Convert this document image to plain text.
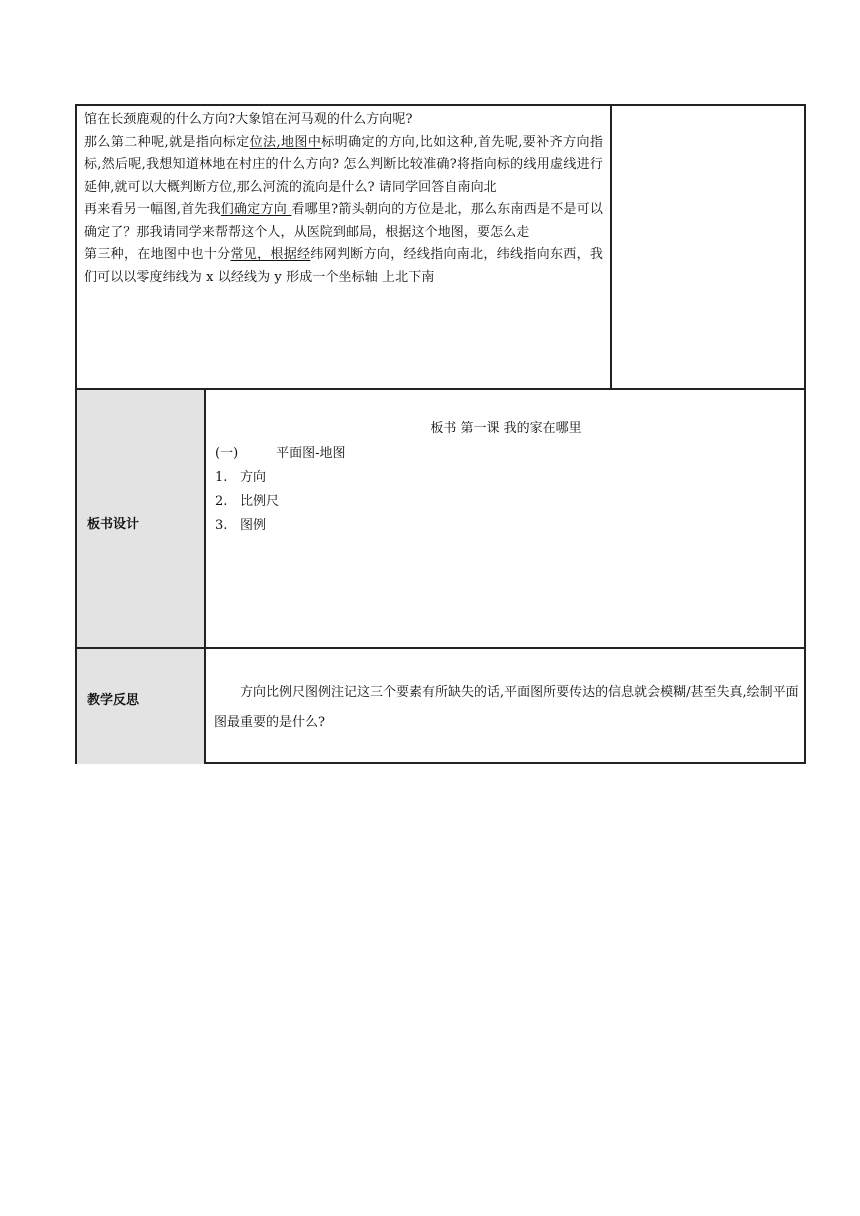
馆在长颈鹿观的什么方向?大象馆在河马观的什么方向呢?

那么第二种呢,就是指向标定位法,地图中标明确定的方向,比如这种,首先呢,要补齐方向指标,然后呢,我想知道林地在村庄的什么方向? 怎么判断比较准确?将指向标的线用虚线进行延伸,就可以大概判断方位,那么河流的流向是什么? 请同学回答自南向北

再来看另一幅图,首先我们确定方向 看哪里?箭头朝向的方位是北，那么东南西是不是可以确定了？那我请同学来帮帮这个人，从医院到邮局，根据这个地图，要怎么走

第三种，在地图中也十分常见，根据经纬网判断方向，经线指向南北，纬线指向东西，我们可以以零度纬线为 x 以经线为 y 形成一个坐标轴 上北下南

板书设计
板书 第一课 我的家在哪里
(一)	平面图-地图
1. 方向
2. 比例尺
3. 图例
教学反思

方向比例尺图例注记这三个要素有所缺失的话,平面图所要传达的信息就会模糊/甚至失真,绘制平面图最重要的是什么?
